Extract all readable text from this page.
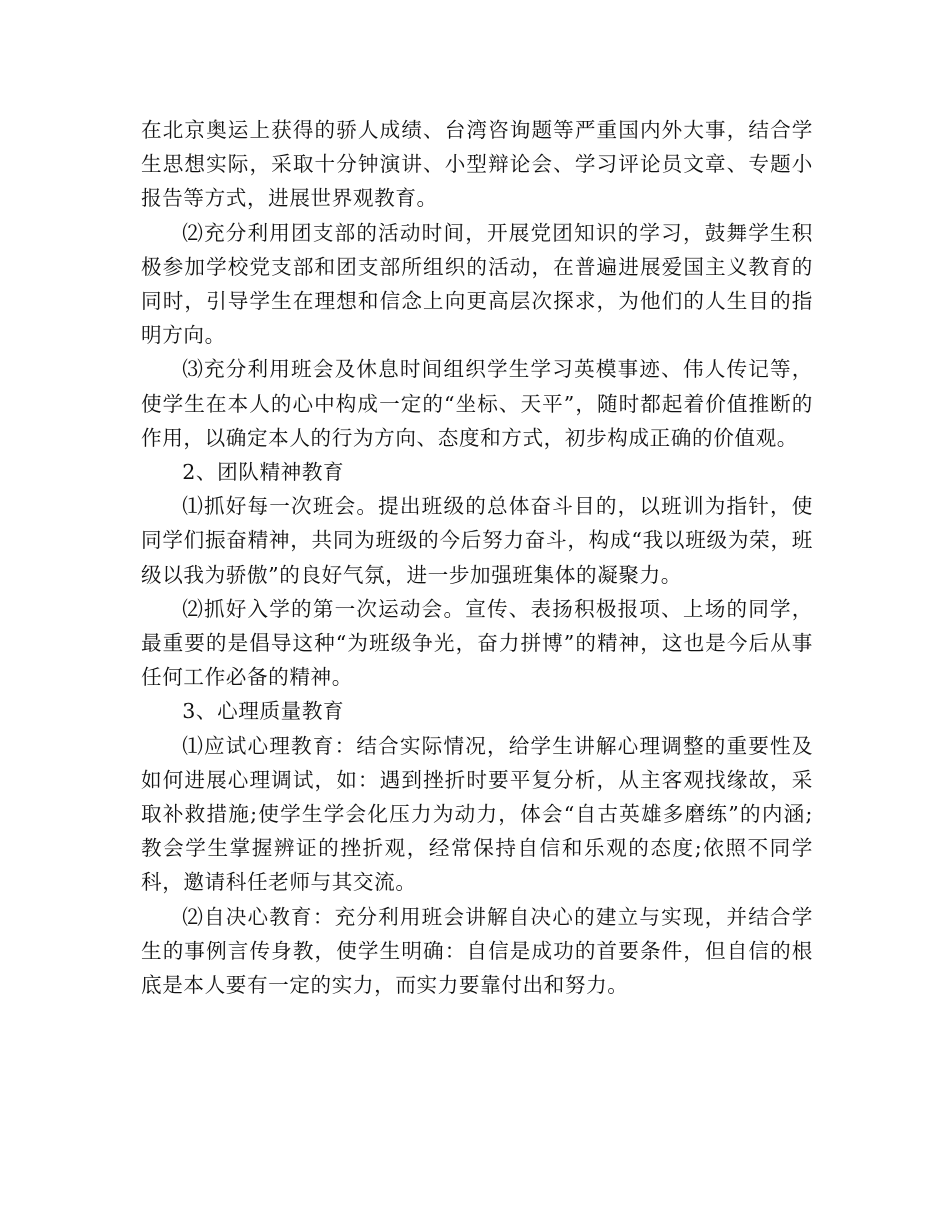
在北京奥运上获得的骄人成绩、台湾咨询题等严重国内外大事，结合学生思想实际，采取十分钟演讲、小型辩论会、学习评论员文章、专题小报告等方式，进展世界观教育。

⑵充分利用团支部的活动时间，开展党团知识的学习，鼓舞学生积极参加学校党支部和团支部所组织的活动，在普遍进展爱国主义教育的同时，引导学生在理想和信念上向更高层次探求，为他们的人生目的指明方向。

⑶充分利用班会及休息时间组织学生学习英模事迹、伟人传记等，使学生在本人的心中构成一定的“坐标、天平”，随时都起着价值推断的作用，以确定本人的行为方向、态度和方式，初步构成正确的价值观。

2、团队精神教育

⑴抓好每一次班会。提出班级的总体奋斗目的，以班训为指针，使同学们振奋精神，共同为班级的今后努力奋斗，构成“我以班级为荣，班级以我为骄傲”的良好气氛，进一步加强班集体的凝聚力。

⑵抓好入学的第一次运动会。宣传、表扬积极报项、上场的同学，最重要的是倡导这种“为班级争光，奋力拼博”的精神，这也是今后从事任何工作必备的精神。

3、心理质量教育

⑴应试心理教育：结合实际情况，给学生讲解心理调整的重要性及如何进展心理调试，如：遇到挫折时要平复分析，从主客观找缘故，采取补救措施;使学生学会化压力为动力，体会“自古英雄多磨练”的内涵;教会学生掌握辨证的挫折观，经常保持自信和乐观的态度;依照不同学科，邀请科任老师与其交流。

⑵自决心教育：充分利用班会讲解自决心的建立与实现，并结合学生的事例言传身教，使学生明确：自信是成功的首要条件，但自信的根底是本人要有一定的实力，而实力要靠付出和努力。
